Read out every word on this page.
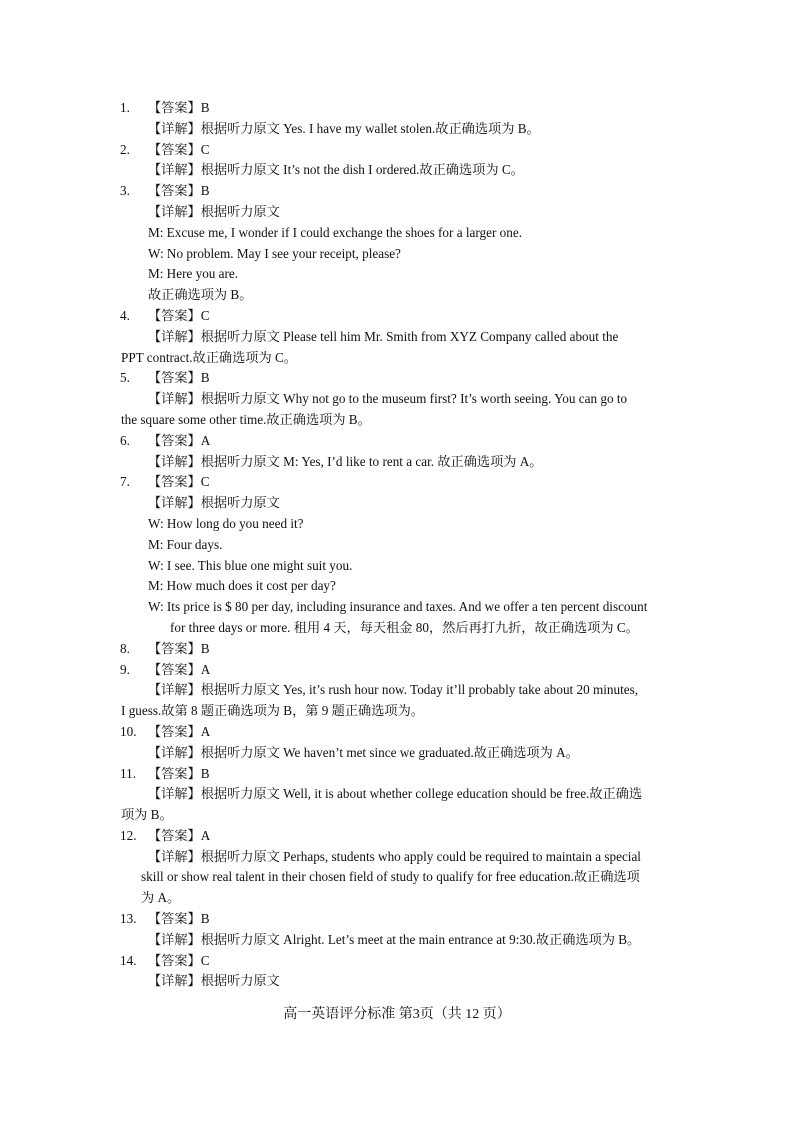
1. 【答案】B
【详解】根据听力原文 Yes. I have my wallet stolen.故正确选项为 B。
2. 【答案】C
【详解】根据听力原文 It’s not the dish I ordered.故正确选项为 C。
3. 【答案】B
【详解】根据听力原文
M: Excuse me, I wonder if I could exchange the shoes for a larger one.
W: No problem. May I see your receipt, please?
M: Here you are.
故正确选项为 B。
4. 【答案】C
【详解】根据听力原文 Please tell him Mr. Smith from XYZ Company called about the
PPT contract.故正确选项为 C。
5. 【答案】B
【详解】根据听力原文 Why not go to the museum first? It’s worth seeing. You can go to
the square some other time.故正确选项为 B。
6. 【答案】A
【详解】根据听力原文 M: Yes, I’d like to rent a car. 故正确选项为 A。
7. 【答案】C
【详解】根据听力原文
W: How long do you need it?
M: Four days.
W: I see. This blue one might suit you.
M: How much does it cost per day?
W: Its price is $ 80 per day, including insurance and taxes. And we offer a ten percent discount
for three days or more. 租用 4 天，每天租金 80，然后再打九折，故正确选项为 C。
8. 【答案】B
9. 【答案】A
【详解】根据听力原文 Yes, it’s rush hour now. Today it’ll probably take about 20 minutes,
I guess.故第 8 题正确选项为 B，第 9 题正确选项为。
10. 【答案】A
【详解】根据听力原文 We haven’t met since we graduated.故正确选项为 A。
11. 【答案】B
【详解】根据听力原文 Well, it is about whether college education should be free.故正确选
项为 B。
12. 【答案】A
【详解】根据听力原文 Perhaps, students who apply could be required to maintain a special
skill or show real talent in their chosen field of study to qualify for free education.故正确选项
为 A。
13. 【答案】B
【详解】根据听力原文 Alright. Let’s meet at the main entrance at 9:30.故正确选项为 B。
14. 【答案】C
【详解】根据听力原文
高一英语评分标准 第3页（共 12 页）
